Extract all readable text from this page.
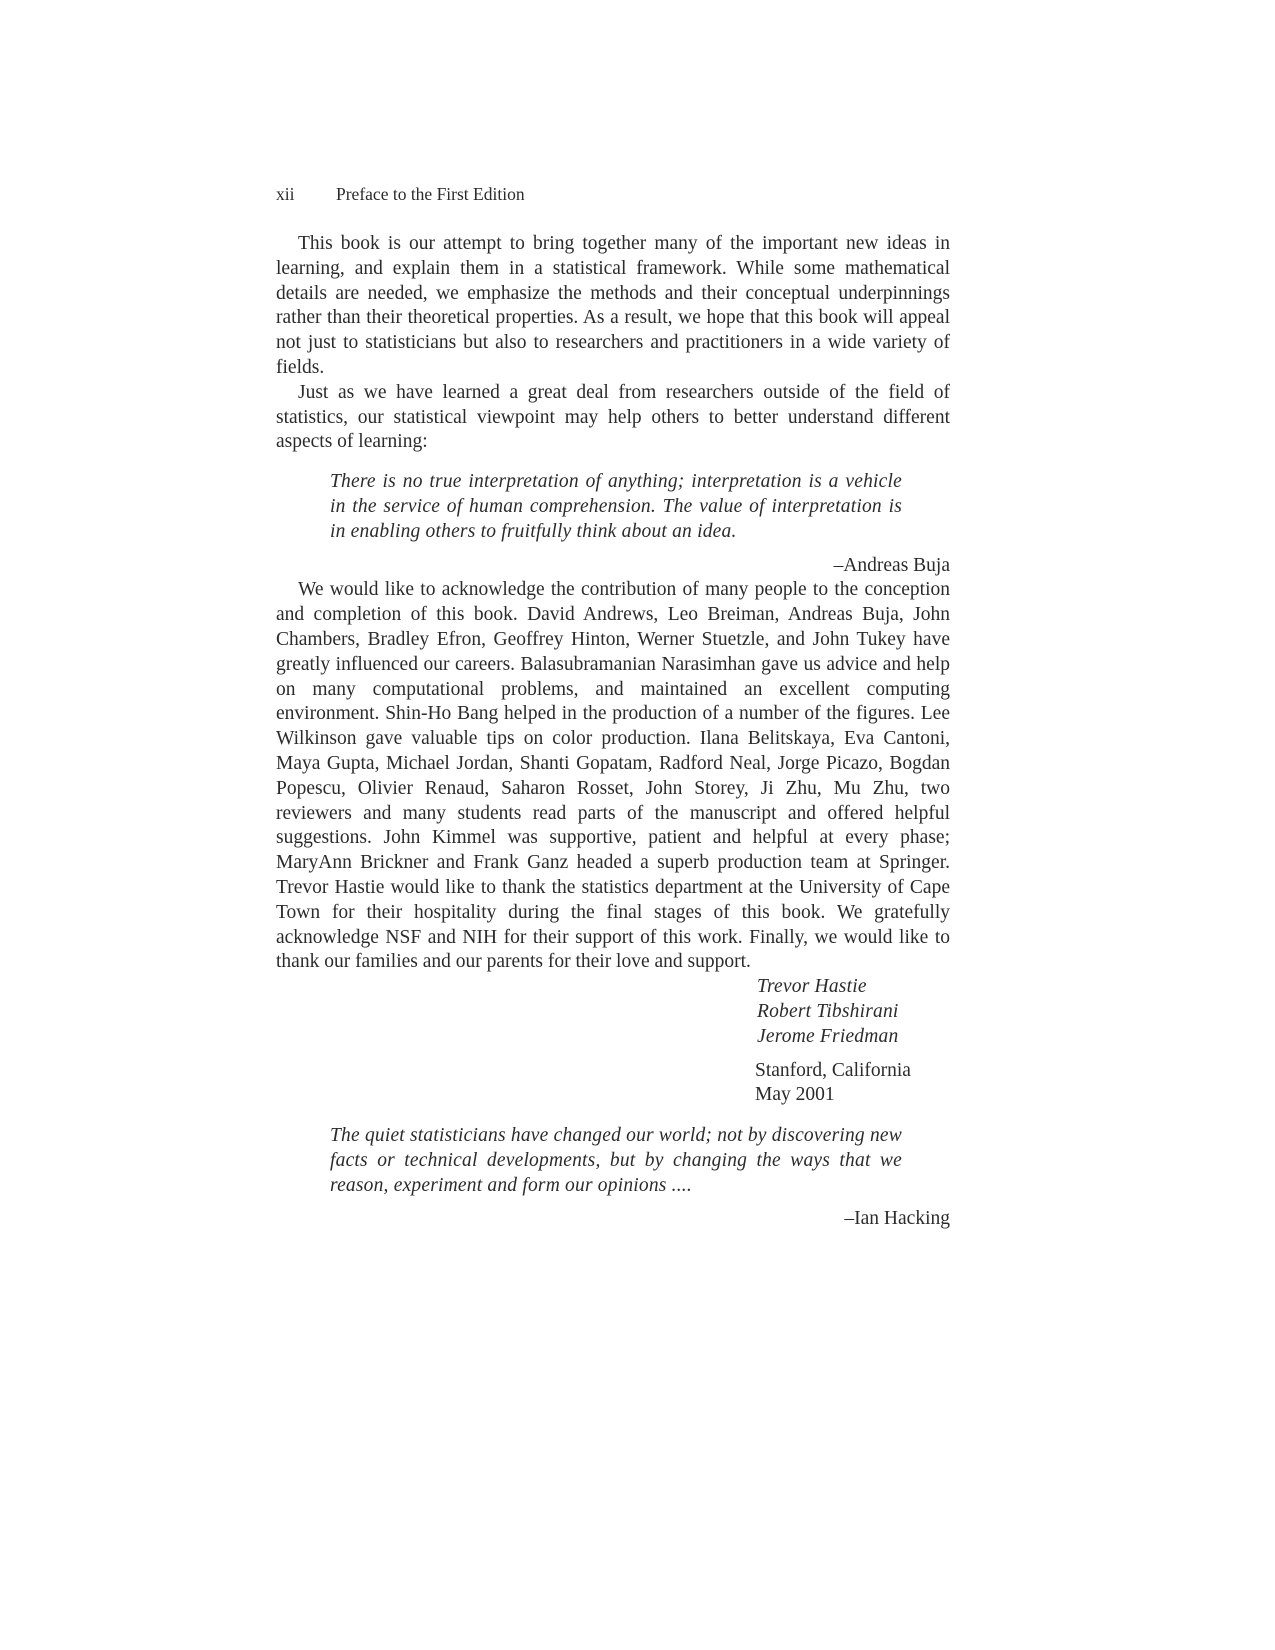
xii	Preface to the First Edition

This book is our attempt to bring together many of the important new ideas in learning, and explain them in a statistical framework. While some mathematical details are needed, we emphasize the methods and their conceptual underpinnings rather than their theoretical properties. As a result, we hope that this book will appeal not just to statisticians but also to researchers and practitioners in a wide variety of fields.

Just as we have learned a great deal from researchers outside of the field of statistics, our statistical viewpoint may help others to better understand different aspects of learning:

There is no true interpretation of anything; interpretation is a vehicle in the service of human comprehension. The value of interpretation is in enabling others to fruitfully think about an idea.
–Andreas Buja

We would like to acknowledge the contribution of many people to the conception and completion of this book. David Andrews, Leo Breiman, Andreas Buja, John Chambers, Bradley Efron, Geoffrey Hinton, Werner Stuetzle, and John Tukey have greatly influenced our careers. Balasubramanian Narasimhan gave us advice and help on many computational problems, and maintained an excellent computing environment. Shin-Ho Bang helped in the production of a number of the figures. Lee Wilkinson gave valuable tips on color production. Ilana Belitskaya, Eva Cantoni, Maya Gupta, Michael Jordan, Shanti Gopatam, Radford Neal, Jorge Picazo, Bogdan Popescu, Olivier Renaud, Saharon Rosset, John Storey, Ji Zhu, Mu Zhu, two reviewers and many students read parts of the manuscript and offered helpful suggestions. John Kimmel was supportive, patient and helpful at every phase; MaryAnn Brickner and Frank Ganz headed a superb production team at Springer. Trevor Hastie would like to thank the statistics department at the University of Cape Town for their hospitality during the final stages of this book. We gratefully acknowledge NSF and NIH for their support of this work. Finally, we would like to thank our families and our parents for their love and support.

Trevor Hastie
Robert Tibshirani
Jerome Friedman
Stanford, California
May 2001
The quiet statisticians have changed our world; not by discovering new facts or technical developments, but by changing the ways that we reason, experiment and form our opinions ....
–Ian Hacking
